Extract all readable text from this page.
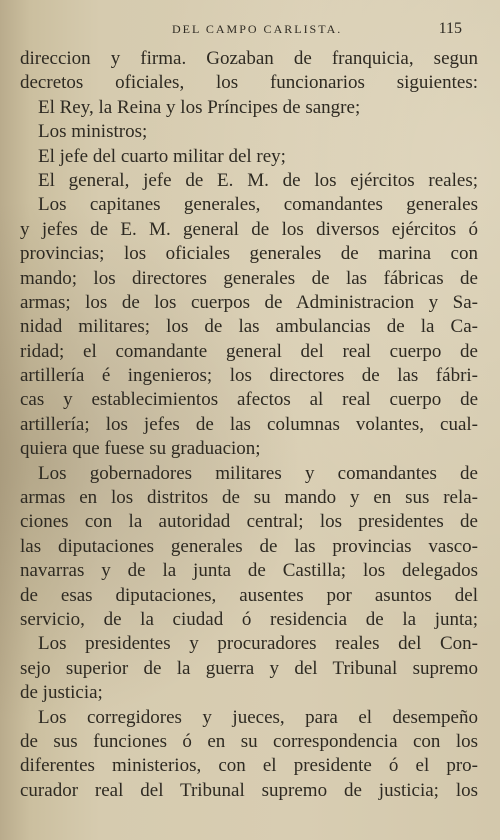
DEL CAMPO CARLISTA.	115
direccion y firma. Gozaban de franquicia, segun
decretos oficiales, los funcionarios siguientes:
El Rey, la Reina y los Príncipes de sangre;
Los ministros;
El jefe del cuarto militar del rey;
El general, jefe de E. M. de los ejércitos reales;
Los capitanes generales, comandantes generales
y jefes de E. M. general de los diversos ejércitos ó
provincias; los oficiales generales de marina con
mando; los directores generales de las fábricas de
armas; los de los cuerpos de Administracion y Sa-
nidad militares; los de las ambulancias de la Ca-
ridad; el comandante general del real cuerpo de
artillería é ingenieros; los directores de las fábri-
cas y establecimientos afectos al real cuerpo de
artillería; los jefes de las columnas volantes, cual-
quiera que fuese su graduacion;
Los gobernadores militares y comandantes de
armas en los distritos de su mando y en sus rela-
ciones con la autoridad central; los presidentes de
las diputaciones generales de las provincias vasco-
navarras y de la junta de Castilla; los delegados
de esas diputaciones, ausentes por asuntos del
servicio, de la ciudad ó residencia de la junta;
Los presidentes y procuradores reales del Con-
sejo superior de la guerra y del Tribunal supremo
de justicia;
Los corregidores y jueces, para el desempeño
de sus funciones ó en su correspondencia con los
diferentes ministerios, con el presidente ó el pro-
curador real del Tribunal supremo de justicia; los
